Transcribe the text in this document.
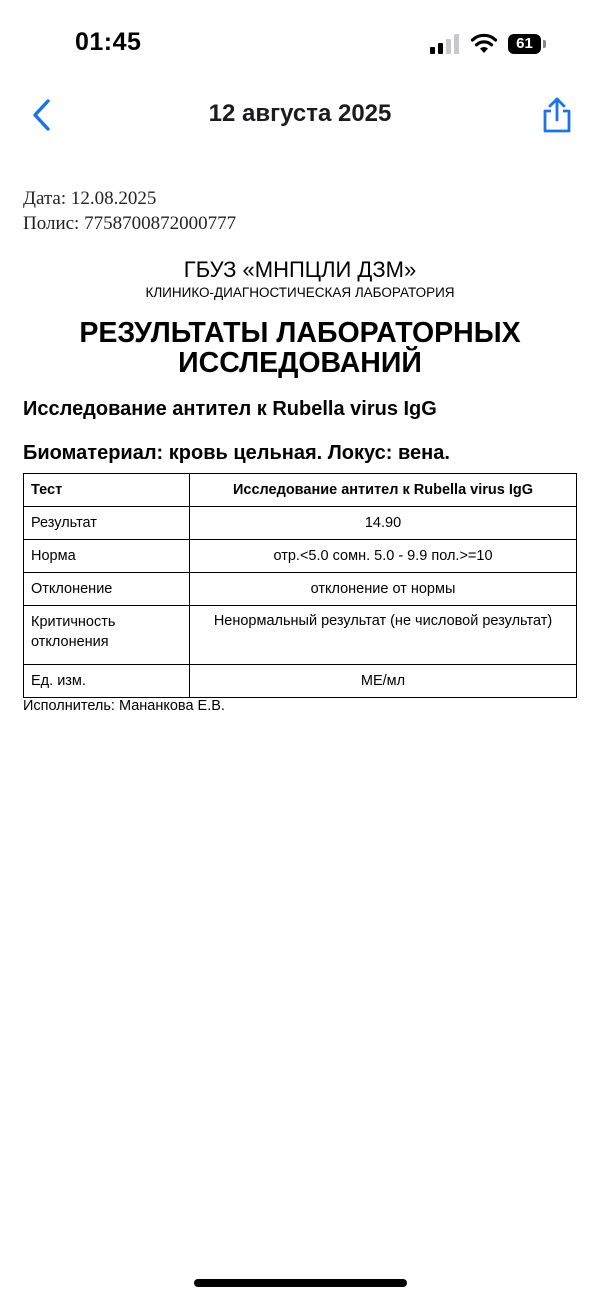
01:45	61
12 августа 2025
Дата: 12.08.2025
Полис: 7758700872000777
ГБУЗ «МНПЦЛИ ДЗМ»
КЛИНИКО-ДИАГНОСТИЧЕСКАЯ ЛАБОРАТОРИЯ
РЕЗУЛЬТАТЫ ЛАБОРАТОРНЫХ ИССЛЕДОВАНИЙ
Исследование антител к Rubella virus IgG
Биоматериал: кровь цельная. Локус: вена.
Тест	Исследование антител к Rubella virus IgG
Результат	14.90
Норма	отр.<5.0 сомн. 5.0 - 9.9 пол.>=10
Отклонение	отклонение от нормы
Критичность отклонения	Ненормальный результат (не числовой результат)
Ед. изм.	МЕ/мл
Исполнитель: Мананкова Е.В.
